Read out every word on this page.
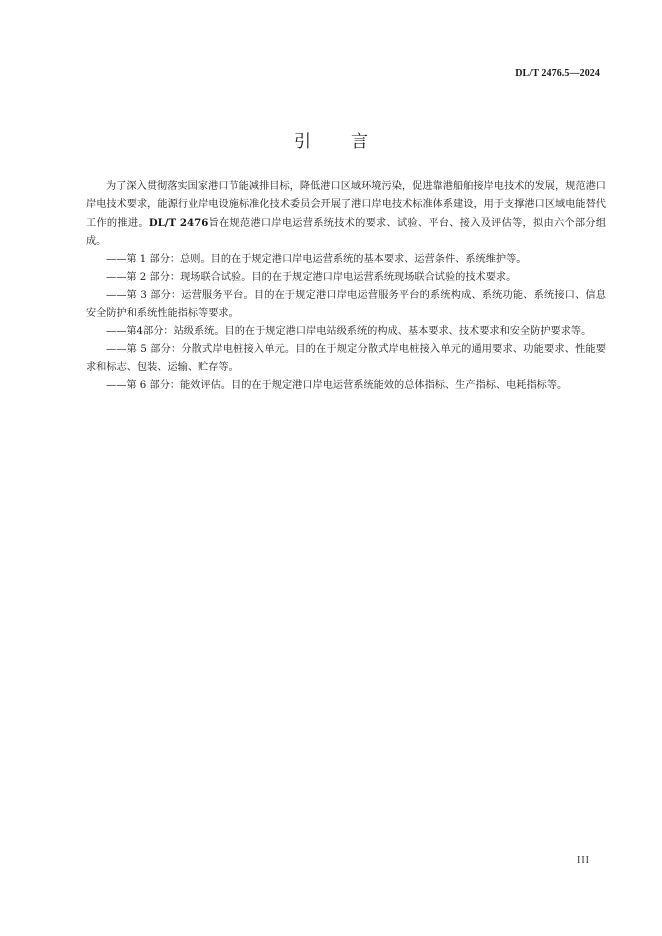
DL/T 2476.5—2024
引言

为了深入贯彻落实国家港口节能减排目标，降低港口区域环境污染，促进靠港船舶接岸电技术的发展，规范港口岸电技术要求，能源行业岸电设施标准化技术委员会开展了港口岸电技术标准体系建设，用于支撑港口区域电能替代工作的推进。DL/T 2476旨在规范港口岸电运营系统技术的要求、试验、平台、接入及评估等，拟由六个部分组成。

——第 1 部分：总则。目的在于规定港口岸电运营系统的基本要求、运营条件、系统维护等。

——第 2 部分：现场联合试验。目的在于规定港口岸电运营系统现场联合试验的技术要求。

——第 3 部分：运营服务平台。目的在于规定港口岸电运营服务平台的系统构成、系统功能、系统接口、信息安全防护和系统性能指标等要求。

——第4部分：站级系统。目的在于规定港口岸电站级系统的构成、基本要求、技术要求和安全防护要求等。

——第 5 部分：分散式岸电桩接入单元。目的在于规定分散式岸电桩接入单元的通用要求、功能要求、性能要求和标志、包装、运输、贮存等。

——第 6 部分：能效评估。目的在于规定港口岸电运营系统能效的总体指标、生产指标、电耗指标等。

III
